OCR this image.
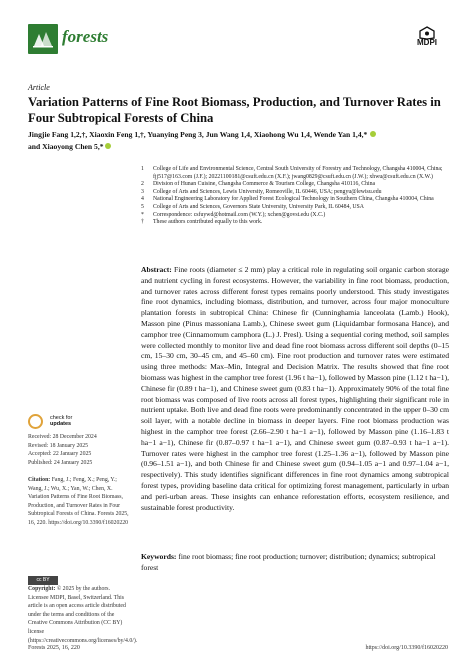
forests	MDPI
Article
Variation Patterns of Fine Root Biomass, Production, and Turnover Rates in Four Subtropical Forests of China
Jingjie Fang 1,2,†, Xiaoxin Feng 1,†, Yuanying Peng 3, Jun Wang 1,4, Xiaohong Wu 1,4, Wende Yan 1,4,*
and Xiaoyong Chen 5,*
1	College of Life and Environmental Science, Central South University of Forestry and Technology, Changsha 410004, China; fjj517@163.com (J.F.); 20221100181@csuft.edu.cn (X.F.); jwang0829@csuft.edu.cn (J.W.); xhwu@csuft.edu.cn (X.W.)
2	Division of Hunan Cuisine, Changsha Commerce & Tourism College, Changsha 410116, China
3	College of Arts and Sciences, Lewis University, Romeoville, IL 60446, USA; pengyu@lewisu.edu
4	National Engineering Laboratory for Applied Forest Ecological Technology in Southern China, Changsha 410004, China
5	College of Arts and Sciences, Governors State University, University Park, IL 60484, USA
*	Correspondence: csfuywd@hotmail.com (W.Y.); xchen@govst.edu (X.C.)
†	These authors contributed equally to this work.
Abstract: Fine roots (diameter ≤ 2 mm) play a critical role in regulating soil organic carbon storage and nutrient cycling in forest ecosystems. However, the variability in fine root biomass, production, and turnover rates across different forest types remains poorly understood. This study investigates fine root dynamics, including biomass, distribution, and turnover, across four major monoculture plantation forests in subtropical China: Chinese fir (Cunninghamia lanceolata (Lamb.) Hook), Masson pine (Pinus massoniana Lamb.), Chinese sweet gum (Liquidambar formosana Hance), and camphor tree (Cinnamomum camphora (L.) J. Presl). Using a sequential coring method, soil samples were collected monthly to monitor live and dead fine root biomass across different soil depths (0–15 cm, 15–30 cm, 30–45 cm, and 45–60 cm). Fine root production and turnover rates were estimated using three methods: Max–Min, Integral and Decision Matrix. The results showed that fine root biomass was highest in the camphor tree forest (1.96 t ha−1), followed by Masson pine (1.12 t ha−1), Chinese fir (0.89 t ha−1), and Chinese sweet gum (0.83 t ha−1). Approximately 90% of the total fine root biomass was composed of live roots across all forest types, highlighting their significant role in nutrient uptake. Both live and dead fine roots were predominantly concentrated in the upper 0–30 cm soil layer, with a notable decline in biomass in deeper layers. Fine root biomass production was highest in the camphor tree forest (2.66–2.90 t ha−1 a−1), followed by Masson pine (1.16–1.83 t ha−1 a−1), Chinese fir (0.87–0.97 t ha−1 a−1), and Chinese sweet gum (0.87–0.93 t ha−1 a−1). Turnover rates were highest in the camphor tree forest (1.25–1.36 a−1), followed by Masson pine (0.96–1.51 a−1), and both Chinese fir and Chinese sweet gum (0.94–1.05 a−1 and 0.97–1.04 a−1, respectively). This study identifies significant differences in fine root dynamics among subtropical forest types, providing baseline data critical for optimizing forest management, particularly in urban and peri-urban areas. These insights can enhance reforestation efforts, ecosystem resilience, and sustainable forest productivity.
Keywords: fine root biomass; fine root production; turnover; distribution; dynamics; subtropical forest
check for
updates
Received: 28 December 2024
Revised: 18 January 2025
Accepted: 22 January 2025
Published: 24 January 2025
Citation: Fang, J.; Feng, X.; Peng, Y.; Wang, J.; Wu, X.; Yan, W.; Chen, X. Variation Patterns of Fine Root Biomass, Production, and Turnover Rates in Four Subtropical Forests of China. Forests 2025, 16, 220. https://doi.org/10.3390/f16020220
cc BY
Copyright: © 2025 by the authors. Licensee MDPI, Basel, Switzerland. This article is an open access article distributed under the terms and conditions of the Creative Commons Attribution (CC BY) license (https://creativecommons.org/licenses/by/4.0/).
Forests 2025, 16, 220	https://doi.org/10.3390/f16020220
